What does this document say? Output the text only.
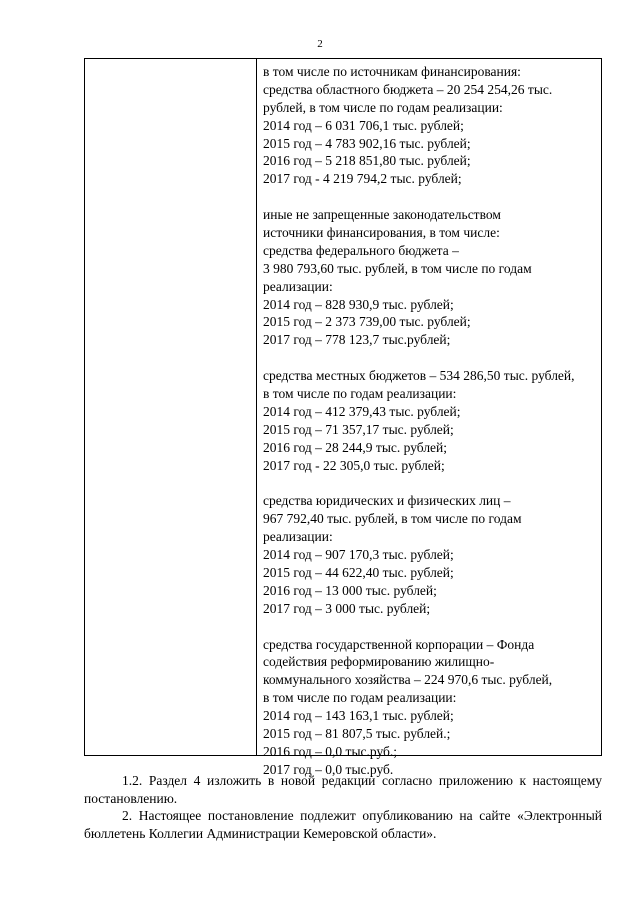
2
в том числе по источникам финансирования:
средства областного бюджета – 20 254 254,26 тыс.
рублей, в том числе по годам реализации:
2014 год – 6 031 706,1 тыс. рублей;
2015 год – 4 783 902,16 тыс. рублей;
2016 год – 5 218 851,80 тыс. рублей;
2017 год - 4 219 794,2 тыс. рублей;
иные не запрещенные законодательством
источники финансирования, в том числе:
средства федерального бюджета –
3 980 793,60 тыс. рублей, в том числе по годам
реализации:
2014 год – 828 930,9 тыс. рублей;
2015 год – 2 373 739,00 тыс. рублей;
2017 год – 778 123,7 тыс.рублей;
средства местных бюджетов – 534 286,50 тыс. рублей,
в том числе по годам реализации:
2014 год – 412 379,43 тыс. рублей;
2015 год – 71 357,17 тыс. рублей;
2016 год – 28 244,9 тыс. рублей;
2017 год - 22 305,0 тыс. рублей;
средства юридических и физических лиц –
967 792,40 тыс. рублей, в том числе по годам
реализации:
2014 год – 907 170,3 тыс. рублей;
2015 год – 44 622,40 тыс. рублей;
2016 год – 13 000 тыс. рублей;
2017 год – 3 000 тыс. рублей;
средства государственной корпорации – Фонда
содействия реформированию жилищно-
коммунального хозяйства – 224 970,6 тыс. рублей,
в том числе по годам реализации:
2014 год – 143 163,1 тыс. рублей;
2015 год – 81 807,5 тыс. рублей.;
2016 год – 0,0 тыс.руб.;
2017 год – 0,0 тыс.руб.

1.2. Раздел 4 изложить в новой редакции согласно приложению к настоящему постановлению.

2. Настоящее постановление подлежит опубликованию на сайте «Электронный бюллетень Коллегии Администрации Кемеровской области».
